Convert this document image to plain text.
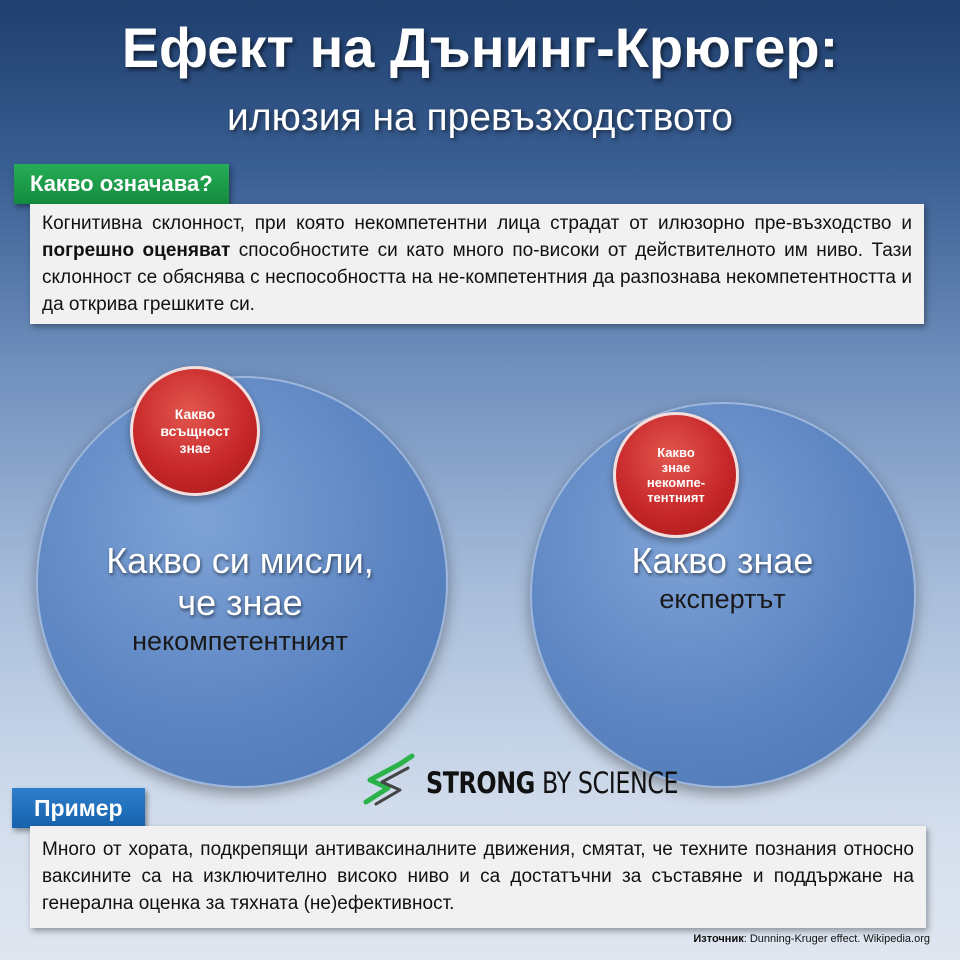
Ефект на Дънинг-Крюгер:
илюзия на превъзходството
Какво означава?
Когнитивна склонност, при която некомпетентни лица страдат от илюзорно пре-възходство и погрешно оценяват способностите си като много по-високи от действителното им ниво. Тази склонност се обяснява с неспособността на не-компетентния да разпознава некомпетентността и да открива грешките си.
Какво
всъщност
знае	Какво
знае
некомпе-
тентният
Какво си мисли,
че знае
некомпетентният
Какво знае
експертът
STRONG BY SCIENCE
Пример
Много от хората, подкрепящи антиваксиналните движения, смятат, че техните познания относно ваксините са на изключително високо ниво и са достатъчни за съставяне и поддържане на генерална оценка за тяхната (не)ефективност.
Източник: Dunning-Kruger effect. Wikipedia.org
